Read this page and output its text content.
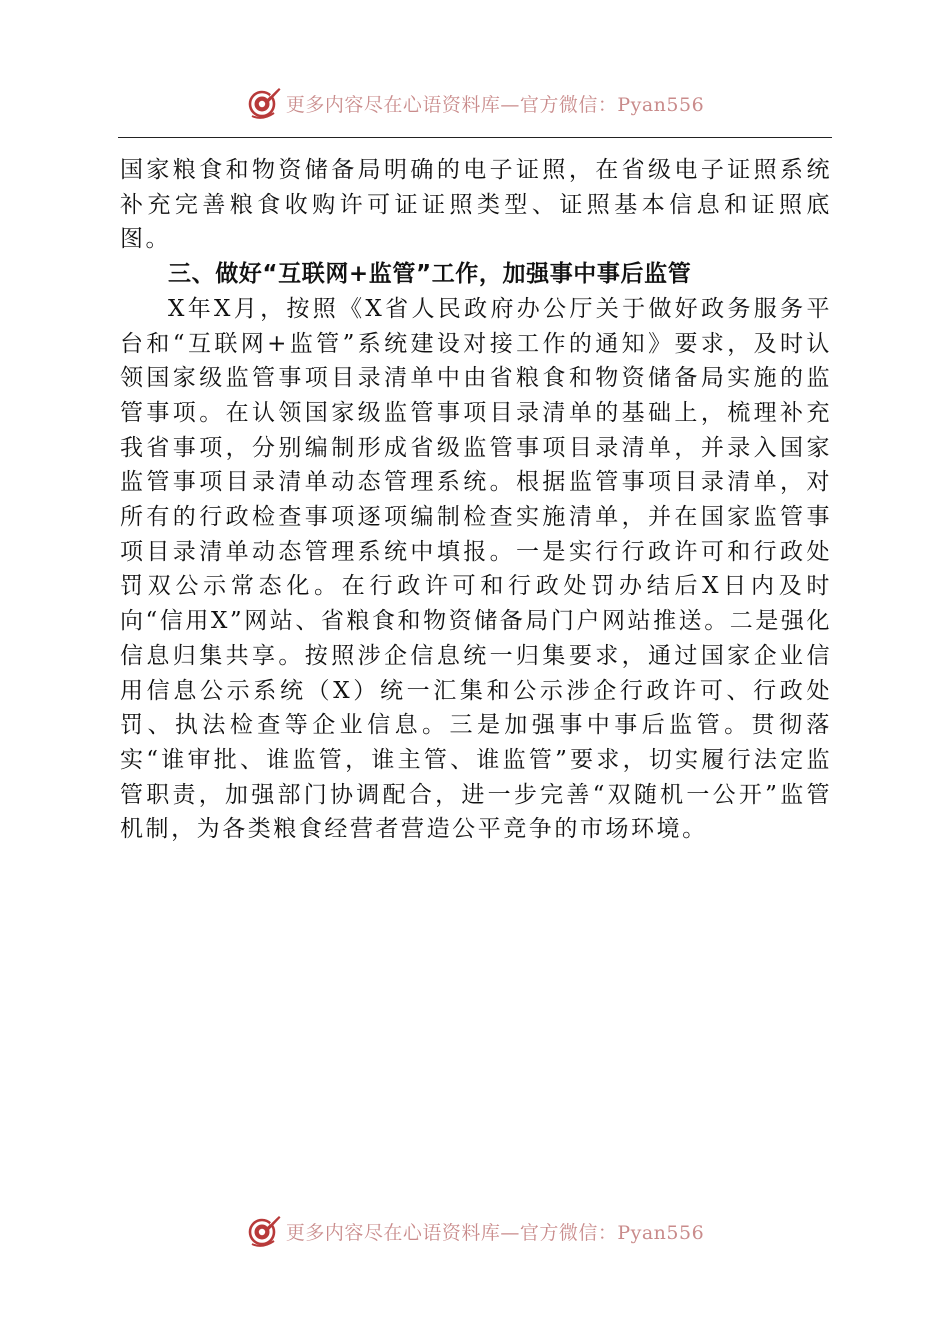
更多内容尽在心语资料库—官方微信：Pyan556

国家粮食和物资储备局明确的电子证照，在省级电子证照系统补充完善粮食收购许可证证照类型、证照基本信息和证照底图。

三、做好“互联网+监管”工作，加强事中事后监管

X年X月，按照《X省人民政府办公厅关于做好政务服务平台和“互联网+监管”系统建设对接工作的通知》要求，及时认领国家级监管事项目录清单中由省粮食和物资储备局实施的监管事项。在认领国家级监管事项目录清单的基础上，梳理补充我省事项，分别编制形成省级监管事项目录清单，并录入国家监管事项目录清单动态管理系统。根据监管事项目录清单，对所有的行政检查事项逐项编制检查实施清单，并在国家监管事项目录清单动态管理系统中填报。一是实行行政许可和行政处罚双公示常态化。在行政许可和行政处罚办结后X日内及时向“信用X”网站、省粮食和物资储备局门户网站推送。二是强化信息归集共享。按照涉企信息统一归集要求，通过国家企业信用信息公示系统（X）统一汇集和公示涉企行政许可、行政处罚、执法检查等企业信息。三是加强事中事后监管。贯彻落实“谁审批、谁监管，谁主管、谁监管”要求，切实履行法定监管职责，加强部门协调配合，进一步完善“双随机一公开”监管机制，为各类粮食经营者营造公平竞争的市场环境。

更多内容尽在心语资料库—官方微信：Pyan556
